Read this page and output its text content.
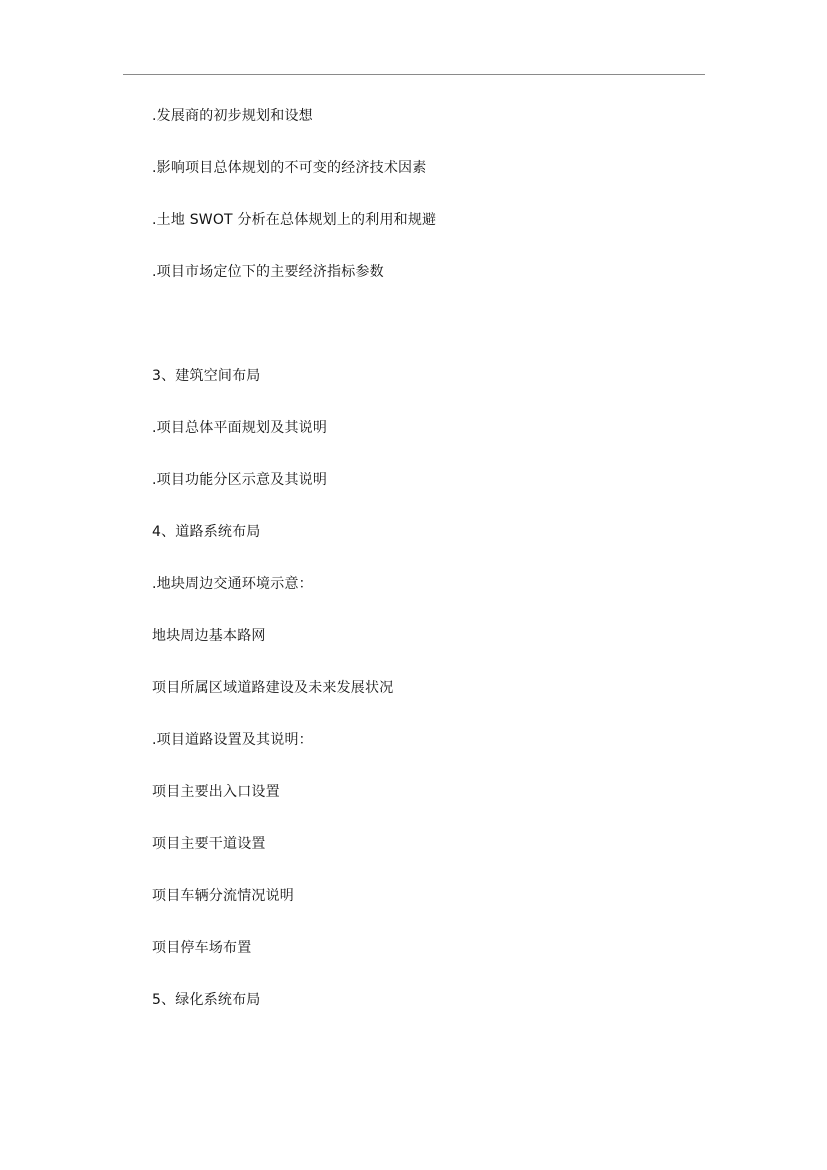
.发展商的初步规划和设想
.影响项目总体规划的不可变的经济技术因素
.土地 SWOT 分析在总体规划上的利用和规避
.项目市场定位下的主要经济指标参数
3、建筑空间布局
.项目总体平面规划及其说明
.项目功能分区示意及其说明
4、道路系统布局
.地块周边交通环境示意：
地块周边基本路网
项目所属区域道路建设及未来发展状况
.项目道路设置及其说明：
项目主要出入口设置
项目主要干道设置
项目车辆分流情况说明
项目停车场布置
5、绿化系统布局
